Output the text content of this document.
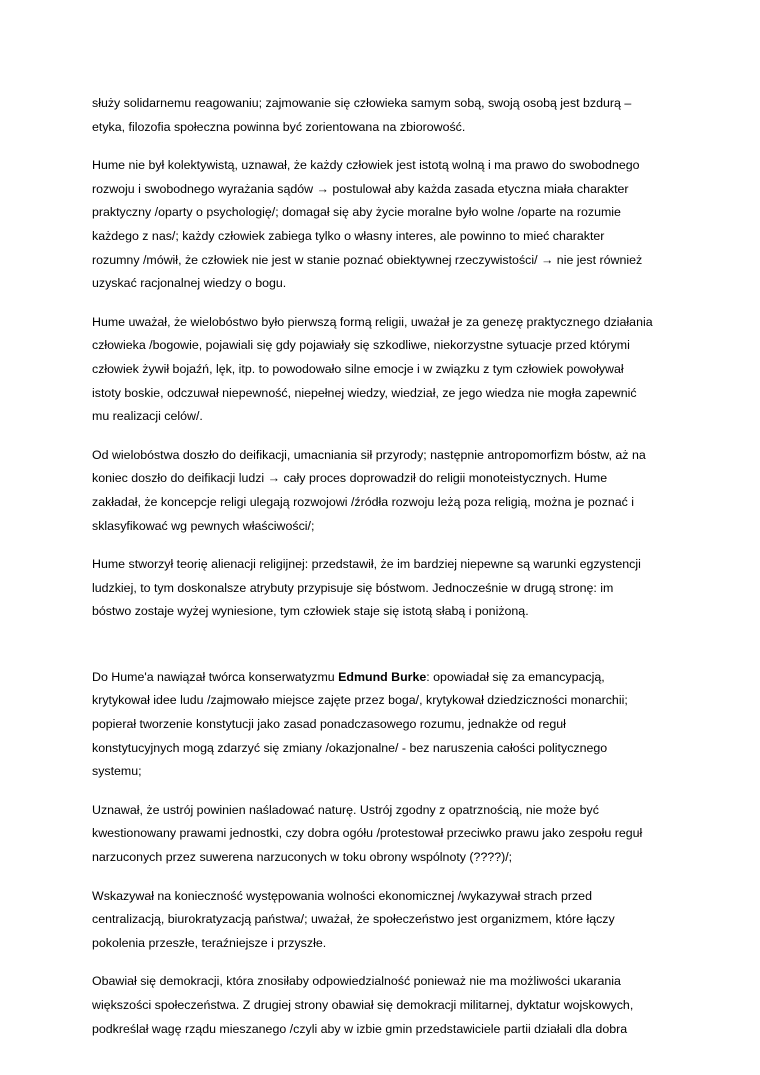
służy solidarnemu reagowaniu; zajmowanie się człowieka samym sobą, swoją osobą jest bzdurą –
etyka, filozofia społeczna powinna być zorientowana na zbiorowość.

Hume nie był kolektywistą, uznawał, że każdy człowiek jest istotą wolną i ma prawo do swobodnego
rozwoju i swobodnego wyrażania sądów → postulował aby każda zasada etyczna miała charakter
praktyczny /oparty o psychologię/; domagał się aby życie moralne było wolne /oparte na rozumie
każdego z nas/; każdy człowiek zabiega tylko o własny interes, ale powinno to mieć charakter
rozumny /mówił, że człowiek nie jest w stanie poznać obiektywnej rzeczywistości/ → nie jest również
uzyskać racjonalnej wiedzy o bogu.

Hume uważał, że wielobóstwo było pierwszą formą religii, uważał je za genezę praktycznego działania
człowieka /bogowie, pojawiali się gdy pojawiały się szkodliwe, niekorzystne sytuacje przed którymi
człowiek żywił bojaźń, lęk, itp. to powodowało silne emocje i w związku z tym człowiek powoływał
istoty boskie, odczuwał niepewność, niepełnej wiedzy, wiedział, ze jego wiedza nie mogła zapewnić
mu realizacji celów/.

Od wielobóstwa doszło do deifikacji, umacniania sił przyrody; następnie antropomorfizm bóstw, aż na
koniec doszło do deifikacji ludzi → cały proces doprowadził do religii monoteistycznych. Hume
zakładał, że koncepcje religi ulegają rozwojowi /źródła rozwoju leżą poza religią, można je poznać i
sklasyfikować wg pewnych właściwości/;

Hume stworzył teorię alienacji religijnej: przedstawił, że im bardziej niepewne są warunki egzystencji
ludzkiej, to tym doskonalsze atrybuty przypisuje się bóstwom. Jednocześnie w drugą stronę: im
bóstwo zostaje wyżej wyniesione, tym człowiek staje się istotą słabą i poniżoną.

Do Hume'a nawiązał twórca konserwatyzmu Edmund Burke: opowiadał się za emancypacją,
krytykował idee ludu /zajmowało miejsce zajęte przez boga/, krytykował dziedziczności monarchii;
popierał tworzenie konstytucji jako zasad ponadczasowego rozumu, jednakże od reguł
konstytucyjnych mogą zdarzyć się zmiany /okazjonalne/ - bez naruszenia całości politycznego
systemu;

Uznawał, że ustrój powinien naśladować naturę. Ustrój zgodny z opatrznością, nie może być
kwestionowany prawami jednostki, czy dobra ogółu /protestował przeciwko prawu jako zespołu reguł
narzuconych przez suwerena narzuconych w toku obrony wspólnoty (????)/;

Wskazywał na konieczność występowania wolności ekonomicznej /wykazywał strach przed
centralizacją, biurokratyzacją państwa/; uważał, że społeczeństwo jest organizmem, które łączy
pokolenia przeszłe, teraźniejsze i przyszłe.

Obawiał się demokracji, która znosiłaby odpowiedzialność ponieważ nie ma możliwości ukarania
większości społeczeństwa. Z drugiej strony obawiał się demokracji militarnej, dyktatur wojskowych,
podkreślał wagę rządu mieszanego /czyli aby w izbie gmin przedstawiciele partii działali dla dobra
